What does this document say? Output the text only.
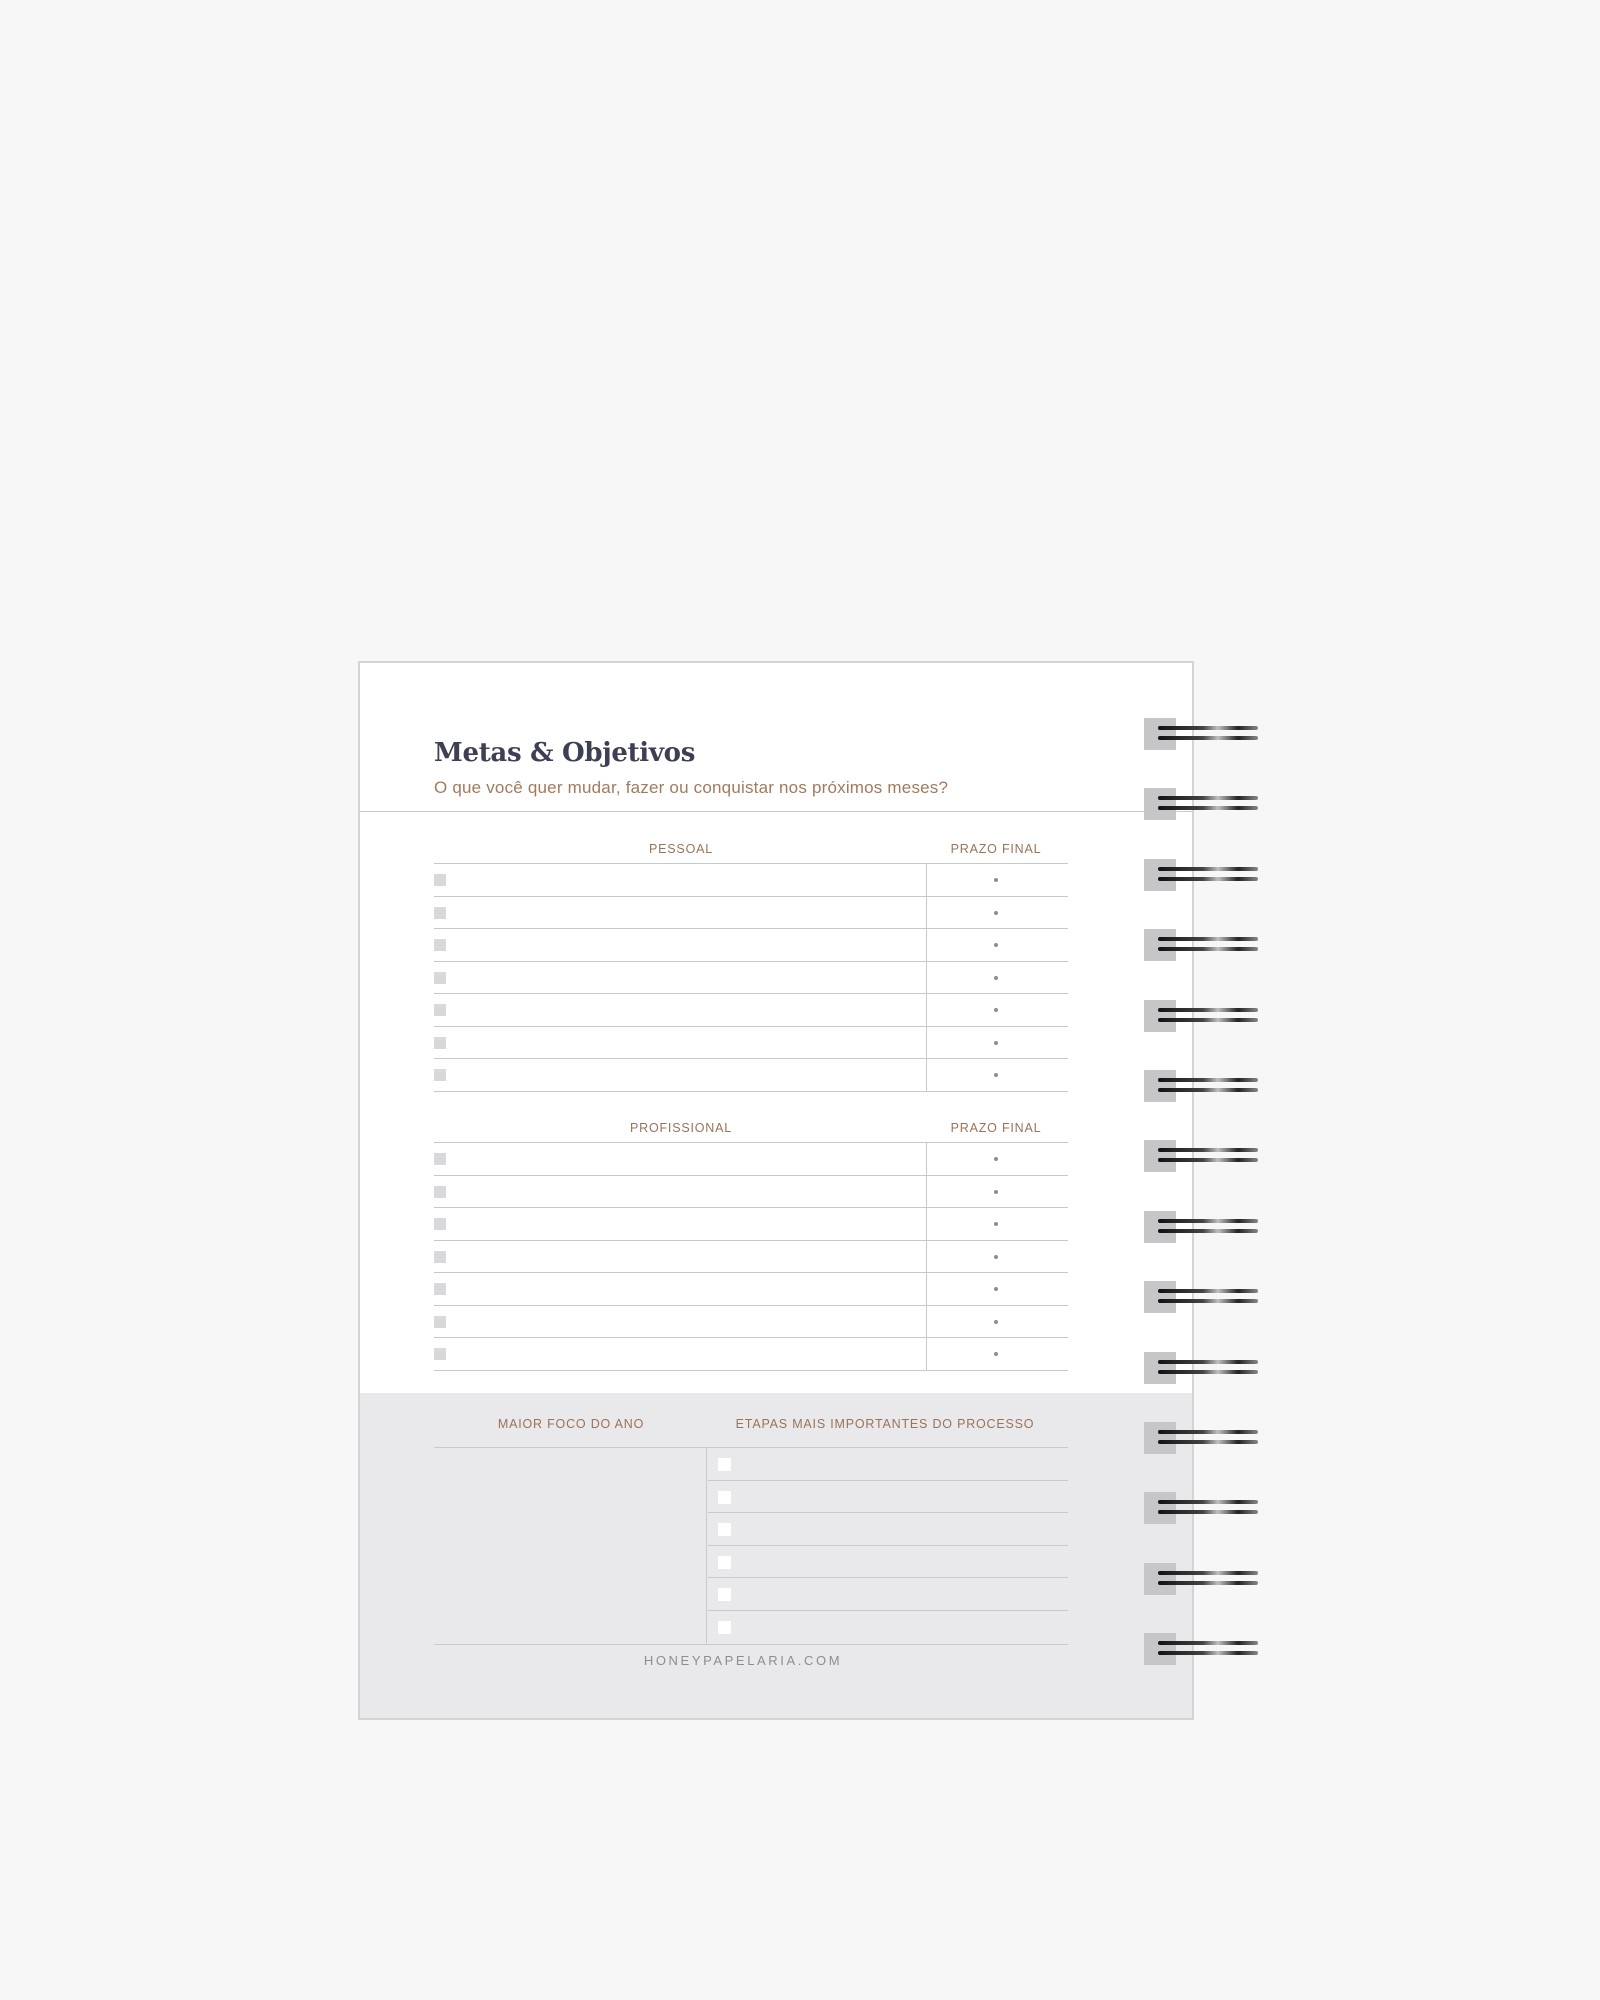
Metas & Objetivos

O que você quer mudar, fazer ou conquistar nos próximos meses?

PESSOAL	PRAZO FINAL
PROFISSIONAL	PRAZO FINAL
MAIOR FOCO DO ANO	ETAPAS MAIS IMPORTANTES DO PROCESSO
HONEYPAPELARIA.COM
